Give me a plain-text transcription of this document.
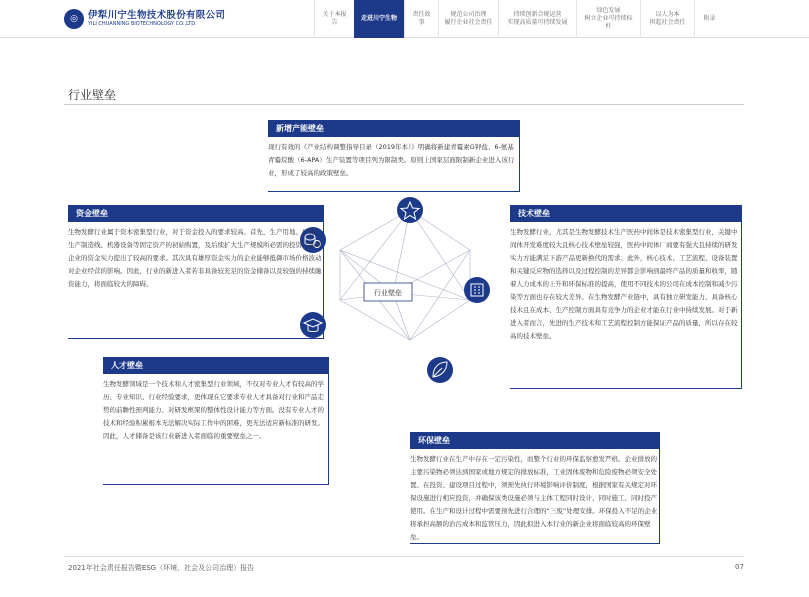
◎	伊犁川宁生物技术股份有限公司
YILI CHUANNING BIOTECHNOLOGY CO.,LTD.
关于本报告
走进川宁生物
责任故事
规范公司治理
履行企业社会责任
持续创新合规运营
实现高质量可持续发展
绿色发展
树立企业可持续标杆
以人为本
担起社会责任
附录
行业壁垒
行业壁垒
新增产能壁垒
现行有效的《产业结构调整指导目录（2019年本）》明确将新建青霉素G钾盐、6-氨基青霉烷酸（6-APA）生产装置等项目列为限制类。原则上国家层面限制新企业进入该行业，形成了较高的政策壁垒。
资金壁垒
生物发酵行业属于资本密集型行业，对于资金投入的要求较高。首先，生产用地、厂房、生产制造线、机器设备等固定资产的初始购置，及后续扩大生产规模所必需的投资，都对企业的资金实力提出了较高的要求。其次具有雄厚资金实力的企业能够抵御市场价格波动对企业经营的影响。因此，行业的新进入者若非具备较充足的资金储备以及较强的持续融资能力，将面临较大的障碍。
技术壁垒
生物发酵行业，尤其是生物发酵技术生产医药中间体是技术密集型行业，关键中间体开发难度较大且核心技术壁垒较强，医药中间体厂商要有强大且持续的研发实力方能满足下游产品更新换代的需求；此外，核心技术、工艺流程、设备装置和关键反应物的选择以及过程控制的差异都会影响到最终产品的质量和收率，随着人力成本的上升和环保标准的提高，使用不同技术的公司在成本控制和减少污染等方面也存在较大差异。在生物发酵产业链中，具有独立研发能力、具备核心技术且在成本、生产控制方面具有竞争力的企业才能在行业中持续发展。对于新进入者而言，先进的生产技术和工艺流程控制方能保证产品的质量，所以存在较高的技术壁垒。
人才壁垒
生物发酵领域是一个技术和人才密集型行业领域，不仅对专业人才有较高的学历、专业知识、行业经验要求，更体现在它要求专业人才具备对行业和产品走势的前瞻性预判能力、对研发框架的整体性设计能力等方面。没有专业人才的技术和经验积累根本无法解决实际工作中的困难，更无法适应新标准的研发。因此，人才储备是该行业新进入者面临的重要壁垒之一。	环保壁垒
生物发酵行业在生产中存在一定污染性，而整个行业的环保监察愈发严格。企业排放的主要污染物必须达到国家或地方规定的排放标准，工业固体废物和危险废物必须安全处置。在投资、建设项目过程中，须预先执行环境影响评价制度，根据国家有关规定对环保设施进行相应投资，并确保该类设施必须与主体工程同时设计、同时施工、同时投产使用。在生产和设计过程中需要预先进行合理的“三废”处理安排。环保投入不足的企业将承担高额的治污成本和监管压力，因此拟进入本行业的新企业将面临较高的环保壁垒。
2021年社会责任报告暨ESG（环境、社会及公司治理）报告	07
